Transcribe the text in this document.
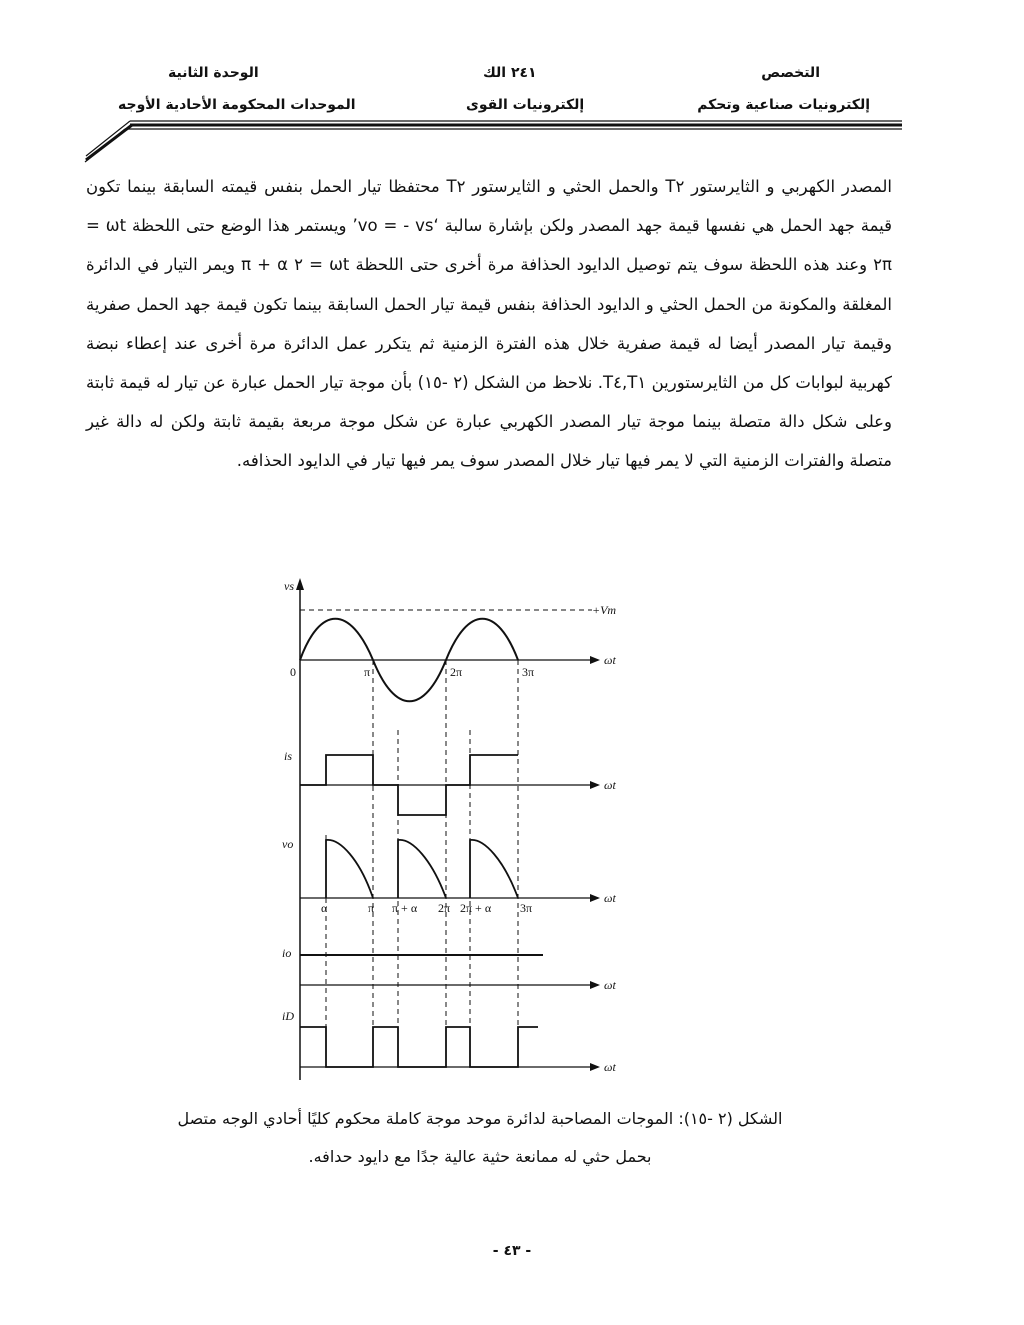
التخصص
إلكترونيات صناعية وتحكم
٢٤١ الك
إلكترونيات القوى
الوحدة الثانية
الموحدات المحكومة الأحادية الأوجه

المصدر الكهربي و الثايرستور T٢ والحمل الحثي و الثايرستور T٢ محتفظا تيار الحمل بنفس قيمته السابقة بينما تكون قيمة جهد الحمل هي نفسها قيمة جهد المصدر ولكن بإشارة سالبة ‘vo = - vs’ ويستمر هذا الوضع حتى اللحظة ωt = ٢π وعند هذه اللحظة سوف يتم توصيل الدايود الحذافة مرة أخرى حتى اللحظة ωt = ٢ π + α ويمر التيار في الدائرة المغلقة والمكونة من الحمل الحثي و الدايود الحذافة بنفس قيمة تيار الحمل السابقة بينما تكون قيمة جهد الحمل صفرية وقيمة تيار المصدر أيضا له قيمة صفرية خلال هذه الفترة الزمنية ثم يتكرر عمل الدائرة مرة أخرى عند إعطاء نبضة كهربية لبوابات كل من الثايرستورين T١,T٤. نلاحظ من الشكل (٢ -١٥) بأن موجة تيار الحمل عبارة عن تيار له قيمة ثابتة وعلى شكل دالة متصلة بينما موجة تيار المصدر الكهربي عبارة عن شكل موجة مربعة بقيمة ثابتة ولكن له دالة غير متصلة والفترات الزمنية التي لا يمر فيها تيار خلال المصدر سوف يمر فيها تيار في الدايود الحذافه.

vs
is
vo
io
iD
+Vm
ωt
ωt
ωt
ωt
ωt
0	π	2π	3π
α	π π + α 2π 2π + α 3π
الشكل (٢ -١٥): الموجات المصاحبة لدائرة موحد موجة كاملة محكوم كليًا أحادي الوجه متصل
بحمل حثي له ممانعة حثية عالية جدًا مع دايود حدافه.
- ٤٣ -
